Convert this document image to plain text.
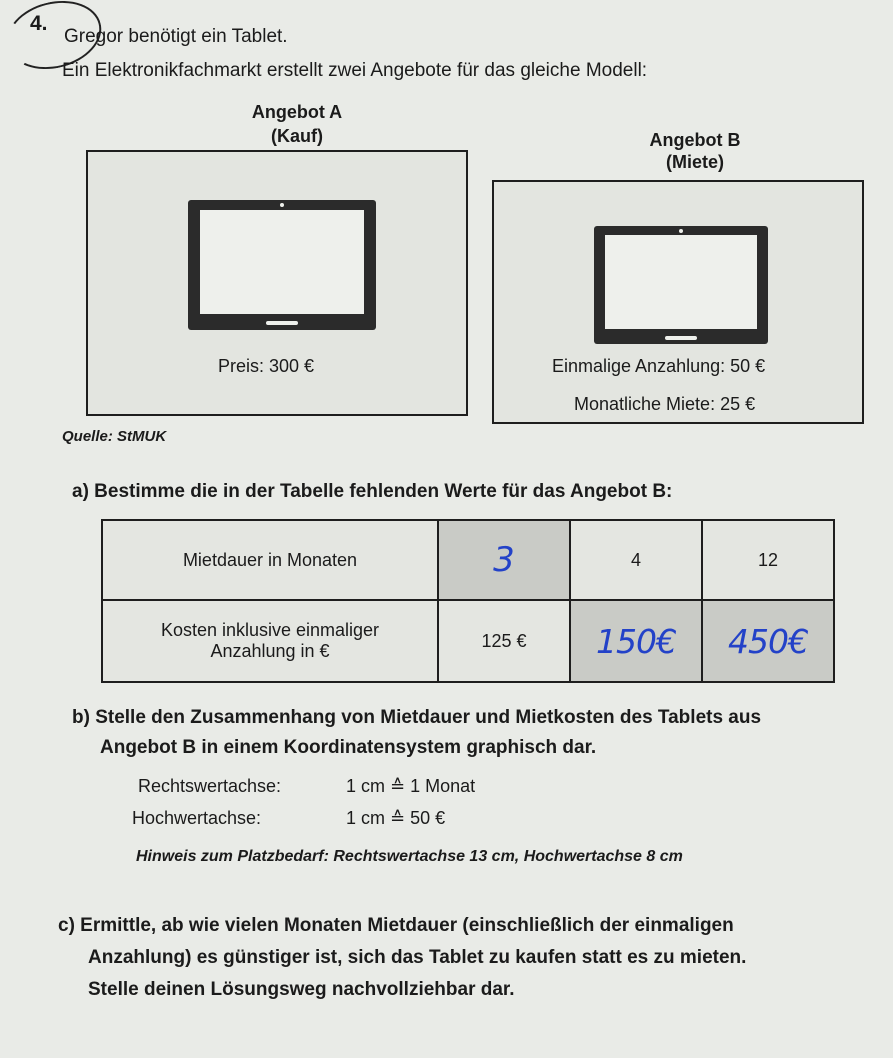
4.
Gregor benötigt ein Tablet.
Ein Elektronikfachmarkt erstellt zwei Angebote für das gleiche Modell:
Angebot A
(Kauf)	Angebot B
(Miete)
Preis: 300 €	Einmalige Anzahlung: 50 €
Monatliche Miete: 25 €
Quelle: StMUK
a) Bestimme die in der Tabelle fehlenden Werte für das Angebot B:
Mietdauer in Monaten	3	4	12

Kosten inklusive einmaliger
Anzahlung in €	125 €	150€	450€
b) Stelle den Zusammenhang von Mietdauer und Mietkosten des Tablets aus
Angebot B in einem Koordinatensystem graphisch dar.
Rechtswertachse:	1 cm ≙ 1 Monat
Hochwertachse:	1 cm ≙ 50 €
Hinweis zum Platzbedarf: Rechtswertachse 13 cm, Hochwertachse 8 cm
c) Ermittle, ab wie vielen Monaten Mietdauer (einschließlich der einmaligen
Anzahlung) es günstiger ist, sich das Tablet zu kaufen statt es zu mieten.
Stelle deinen Lösungsweg nachvollziehbar dar.
